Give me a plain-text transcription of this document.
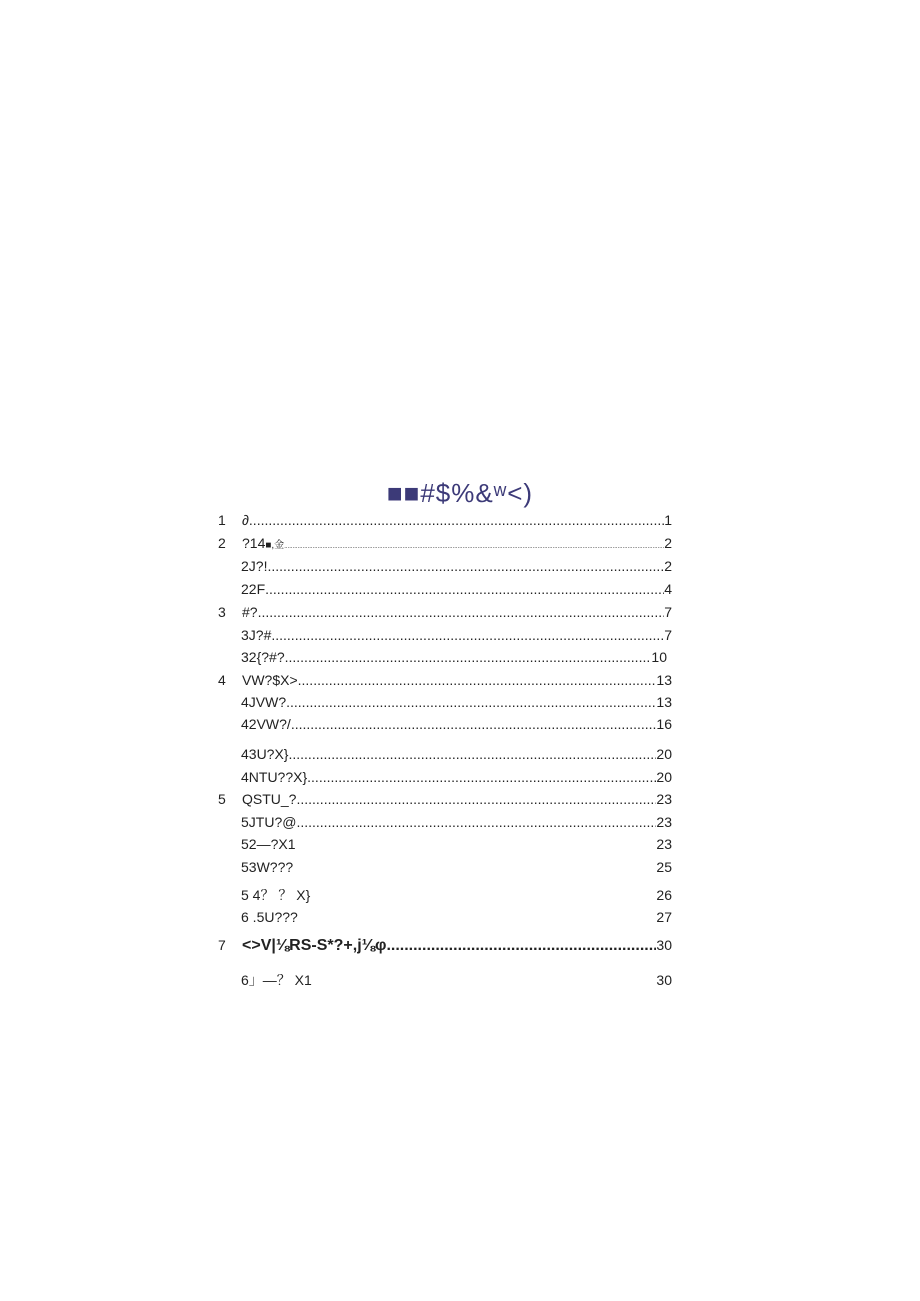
■■#$%&ʷ<)
1	∂ .....	1
2	?14 ■,金 .....	2
2J?! .....	2
22F .....	4
3	#? .....	7
3J?# .....	7
32{?#? .....	10
4	VW?$X> .....	13
4JVW? .....	13
42VW?/ .....	16
43U?X} .....	20
4NTU??X} .....	20
5	QSTU_? .....	23
5JTU?@ .....	23
52—?X1	23
53W???	25
5 4？ ？ X}	26
6 .5U???	27
7	<>V|⅛RS-S*?+,j⅛φ .....	30
6」—？ X1	30
